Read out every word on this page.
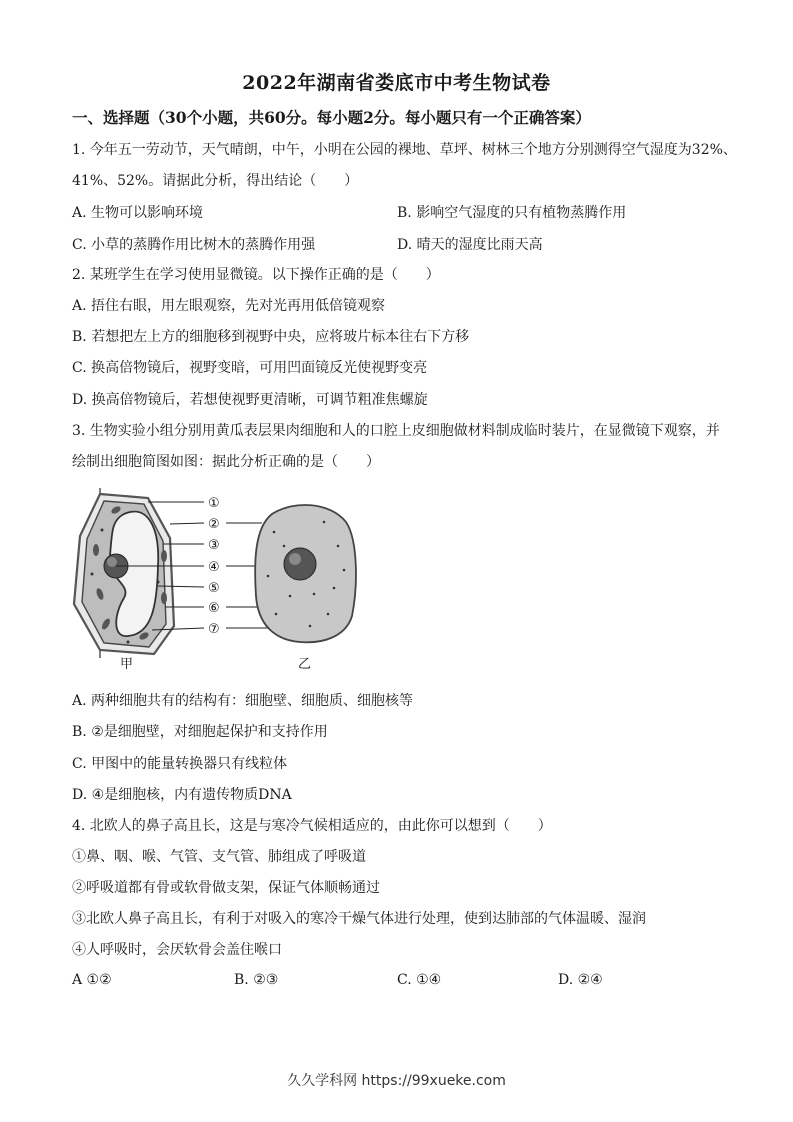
2022年湖南省娄底市中考生物试卷
一、选择题（30个小题，共60分。每小题2分。每小题只有一个正确答案）
1. 今年五一劳动节，天气晴朗，中午，小明在公园的裸地、草坪、树林三个地方分别测得空气湿度为32%、
41%、52%。请据此分析，得出结论（　　）
A. 生物可以影响环境	B. 影响空气湿度的只有植物蒸腾作用
C. 小草的蒸腾作用比树木的蒸腾作用强	D. 晴天的湿度比雨天高
2. 某班学生在学习使用显微镜。以下操作正确的是（　　）
A. 捂住右眼，用左眼观察，先对光再用低倍镜观察
B. 若想把左上方的细胞移到视野中央，应将玻片标本往右下方移
C. 换高倍物镜后，视野变暗，可用凹面镜反光使视野变亮
D. 换高倍物镜后，若想使视野更清晰，可调节粗准焦螺旋
3. 生物实验小组分别用黄瓜表层果肉细胞和人的口腔上皮细胞做材料制成临时装片，在显微镜下观察，并
绘制出细胞简图如图：据此分析正确的是（　　）
①
②
③
④
⑤
⑥
⑦
甲	乙
A. 两种细胞共有的结构有：细胞壁、细胞质、细胞核等
B. ②是细胞壁，对细胞起保护和支持作用
C. 甲图中的能量转换器只有线粒体
D. ④是细胞核，内有遗传物质DNA
4. 北欧人的鼻子高且长，这是与寒冷气候相适应的，由此你可以想到（　　）
①鼻、咽、喉、气管、支气管、肺组成了呼吸道
②呼吸道都有骨或软骨做支架，保证气体顺畅通过
③北欧人鼻子高且长，有利于对吸入的寒冷干燥气体进行处理，使到达肺部的气体温暖、湿润
④人呼吸时，会厌软骨会盖住喉口
A ①②	B. ②③	C. ①④	D. ②④
久久学科网 https://99xueke.com
